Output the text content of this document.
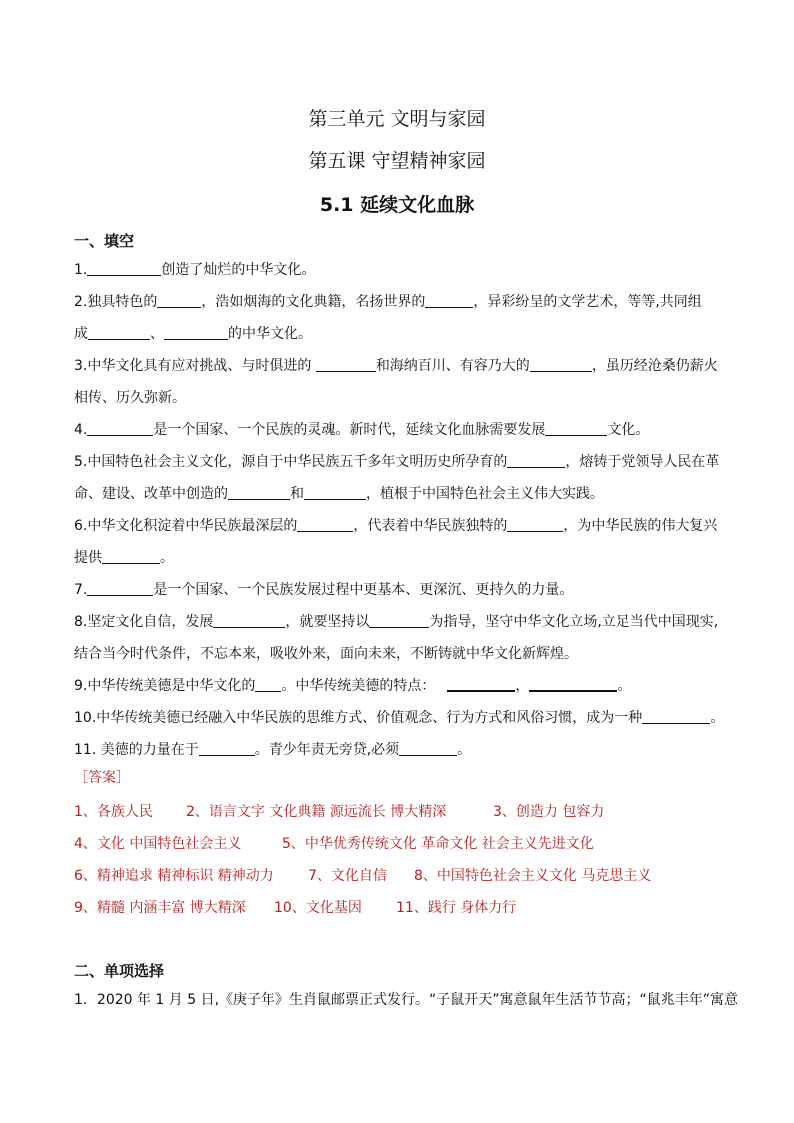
第三单元 文明与家园
第五课 守望精神家园
5.1 延续文化血脉
一、填空
1.	创造了灿烂的中华文化。
2.独具特色的	，浩如烟海的文化典籍，名扬世界的	，异彩纷呈的文学艺术，等等,共同组
成	、	的中华文化。
3.中华文化具有应对挑战、与时俱进的	和海纳百川、有容乃大的	，虽历经沧桑仍薪火
相传、历久弥新。
4.	是一个国家、一个民族的灵魂。新时代，延续文化血脉需要发展	文化。
5.中国特色社会主义文化，源自于中华民族五千多年文明历史所孕育的	，熔铸于党领导人民在革
命、建设、改革中创造的	和	，植根于中国特色社会主义伟大实践。
6.中华文化积淀着中华民族最深层的	，代表着中华民族独特的	，为中华民族的伟大复兴
提供	。
7.	是一个国家、一个民族发展过程中更基本、更深沉、更持久的力量。
8.坚定文化自信，发展	，就要坚持以	为指导，坚守中华文化立场,立足当代中国现实,
结合当今时代条件，不忘本来，吸收外来，面向未来，不断铸就中华文化新辉煌。
9.中华传统美德是中华文化的 。中华传统美德的特点：	，	。
10.中华传统美德已经融入中华民族的思维方式、价值观念、行为方式和风俗习惯，成为一种	。
11. 美德的力量在于	。青少年责无旁贷,必须	。
［答案］
1、各族人民 2、语言文字 文化典籍 源远流长 博大精深	3、创造力 包容力
4、文化 中国特色社会主义	5、中华优秀传统文化 革命文化 社会主义先进文化
6、精神追求 精神标识 精神动力 7、文化自信 8、中国特色社会主义文化 马克思主义
9、精髓 内涵丰富 博大精深 10、文化基因 11、践行 身体力行
二、单项选择
1．2020 年 1 月 5 日,《庚子年》生肖鼠邮票正式发行。“子鼠开天”寓意鼠年生活节节高；“鼠兆丰年”寓意
